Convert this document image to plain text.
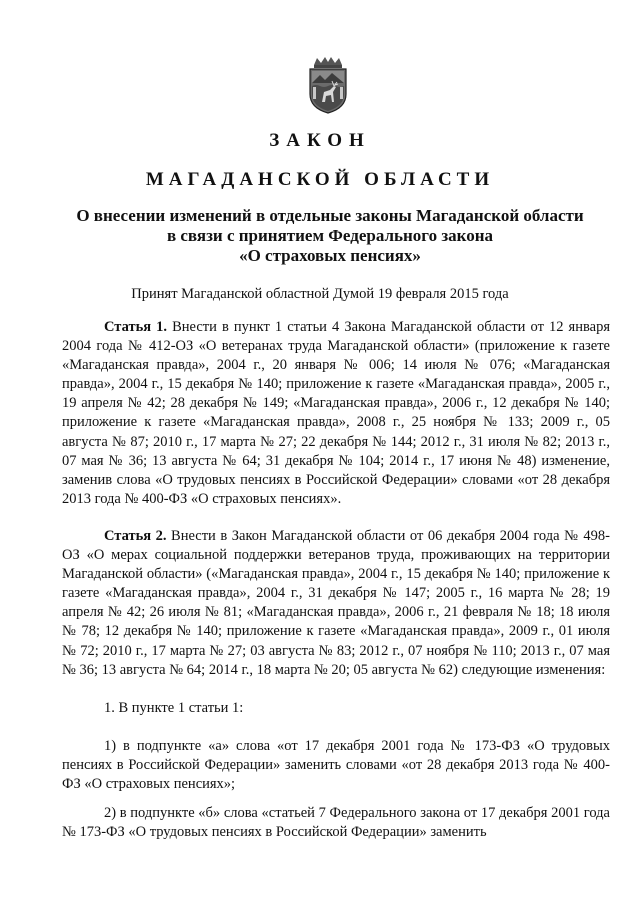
ЗАКОН
МАГАДАНСКОЙ ОБЛАСТИ
О внесении изменений в отдельные законы Магаданской области
в связи с принятием Федерального закона
«О страховых пенсиях»
Принят Магаданской областной Думой 19 февраля 2015 года

Статья 1. Внести в пункт 1 статьи 4 Закона Магаданской области от 12 января 2004 года № 412-ОЗ «О ветеранах труда Магаданской области» (приложение к газете «Магаданская правда», 2004 г., 20 января № 006; 14 июля № 076; «Магаданская правда», 2004 г., 15 декабря № 140; приложение к газете «Магаданская правда», 2005 г., 19 апреля № 42; 28 декабря № 149; «Магаданская правда», 2006 г., 12 декабря № 140; приложение к газете «Магаданская правда», 2008 г., 25 ноября № 133; 2009 г., 05 августа № 87; 2010 г., 17 марта № 27; 22 декабря № 144; 2012 г., 31 июля № 82; 2013 г., 07 мая № 36; 13 августа № 64; 31 декабря № 104; 2014 г., 17 июня № 48) изменение, заменив слова «О трудовых пенсиях в Российской Федерации» словами «от 28 декабря 2013 года № 400-ФЗ «О страховых пенсиях».

Статья 2. Внести в Закон Магаданской области от 06 декабря 2004 года № 498-ОЗ «О мерах социальной поддержки ветеранов труда, проживающих на территории Магаданской области» («Магаданская правда», 2004 г., 15 декабря № 140; приложение к газете «Магаданская правда», 2004 г., 31 декабря № 147; 2005 г., 16 марта № 28; 19 апреля № 42; 26 июля № 81; «Магаданская правда», 2006 г., 21 февраля № 18; 18 июля № 78; 12 декабря № 140; приложение к газете «Магаданская правда», 2009 г., 01 июля № 72; 2010 г., 17 марта № 27; 03 августа № 83; 2012 г., 07 ноября № 110; 2013 г., 07 мая № 36; 13 августа № 64; 2014 г., 18 марта № 20; 05 августа № 62) следующие изменения:

1. В пункте 1 статьи 1:

1) в подпункте «а» слова «от 17 декабря 2001 года № 173-ФЗ «О трудовых пенсиях в Российской Федерации» заменить словами «от 28 декабря 2013 года № 400-ФЗ «О страховых пенсиях»;

2) в подпункте «б» слова «статьей 7 Федерального закона от 17 декабря 2001 года № 173-ФЗ «О трудовых пенсиях в Российской Федерации» заменить
